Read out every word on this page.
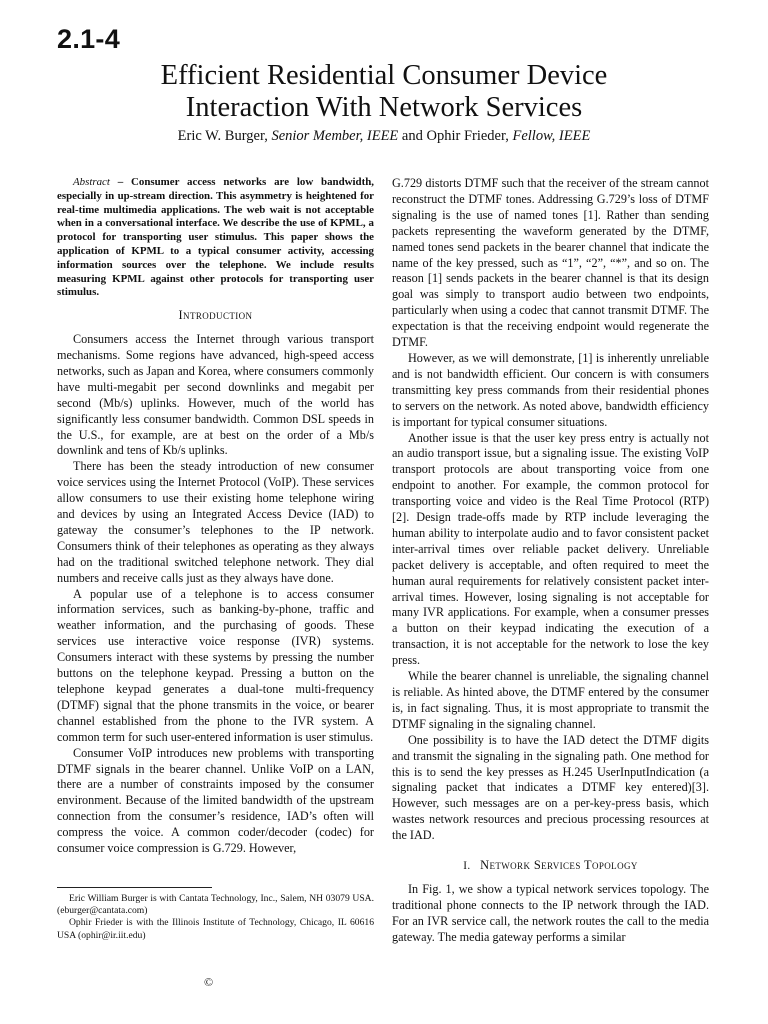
2.1-4
Efficient Residential Consumer Device
Interaction With Network Services
Eric W. Burger, Senior Member, IEEE and Ophir Frieder, Fellow, IEEE

Abstract – Consumer access networks are low bandwidth, especially in up-stream direction. This asymmetry is heightened for real-time multimedia applications. The web wait is not acceptable when in a conversational interface. We describe the use of KPML, a protocol for transporting user stimulus. This paper shows the application of KPML to a typical consumer activity, accessing information sources over the telephone. We include results measuring KPML against other protocols for transporting user stimulus.

Introduction

Consumers access the Internet through various transport mechanisms. Some regions have advanced, high-speed access networks, such as Japan and Korea, where consumers commonly have multi-megabit per second downlinks and megabit per second (Mb/s) uplinks. However, much of the world has significantly less consumer bandwidth. Common DSL speeds in the U.S., for example, are at best on the order of a Mb/s downlink and tens of Kb/s uplinks.

There has been the steady introduction of new consumer voice services using the Internet Protocol (VoIP). These services allow consumers to use their existing home telephone wiring and devices by using an Integrated Access Device (IAD) to gateway the consumer’s telephones to the IP network. Consumers think of their telephones as operating as they always had on the traditional switched telephone network. They dial numbers and receive calls just as they always have done.

A popular use of a telephone is to access consumer information services, such as banking-by-phone, traffic and weather information, and the purchasing of goods. These services use interactive voice response (IVR) systems. Consumers interact with these systems by pressing the number buttons on the telephone keypad. Pressing a button on the telephone keypad generates a dual-tone multi-frequency (DTMF) signal that the phone transmits in the voice, or bearer channel established from the phone to the IVR system. A common term for such user-entered information is user stimulus.

Consumer VoIP introduces new problems with transporting DTMF signals in the bearer channel. Unlike VoIP on a LAN, there are a number of constraints imposed by the consumer environment. Because of the limited bandwidth of the upstream connection from the consumer’s residence, IAD’s often will compress the voice. A common coder/decoder (codec) for consumer voice compression is G.729. However,

G.729 distorts DTMF such that the receiver of the stream cannot reconstruct the DTMF tones. Addressing G.729’s loss of DTMF signaling is the use of named tones [1]. Rather than sending packets representing the waveform generated by the DTMF, named tones send packets in the bearer channel that indicate the name of the key pressed, such as “1”, “2”, “*”, and so on. The reason [1] sends packets in the bearer channel is that its design goal was simply to transport audio between two endpoints, particularly when using a codec that cannot transmit DTMF. The expectation is that the receiving endpoint would regenerate the DTMF.

However, as we will demonstrate, [1] is inherently unreliable and is not bandwidth efficient. Our concern is with consumers transmitting key press commands from their residential phones to servers on the network. As noted above, bandwidth efficiency is important for typical consumer situations.

Another issue is that the user key press entry is actually not an audio transport issue, but a signaling issue. The existing VoIP transport protocols are about transporting voice from one endpoint to another. For example, the common protocol for transporting voice and video is the Real Time Protocol (RTP) [2]. Design trade-offs made by RTP include leveraging the human ability to interpolate audio and to favor consistent packet inter-arrival times over reliable packet delivery. Unreliable packet delivery is acceptable, and often required to meet the human aural requirements for relatively consistent packet inter-arrival times. However, losing signaling is not acceptable for many IVR applications. For example, when a consumer presses a button on their keypad indicating the execution of a transaction, it is not acceptable for the network to lose the key press.

While the bearer channel is unreliable, the signaling channel is reliable. As hinted above, the DTMF entered by the consumer is, in fact signaling. Thus, it is most appropriate to transmit the DTMF signaling in the signaling channel.

One possibility is to have the IAD detect the DTMF digits and transmit the signaling in the signaling path. One method for this is to send the key presses as H.245 UserInputIndication (a signaling packet that indicates a DTMF key entered)[3]. However, such messages are on a per-key-press basis, which wastes network resources and precious processing resources at the IAD.

I. Network Services Topology

In Fig. 1, we show a typical network services topology. The traditional phone connects to the IP network through the IAD. For an IVR service call, the network routes the call to the media gateway. The media gateway performs a similar

Eric William Burger is with Cantata Technology, Inc., Salem, NH 03079 USA. (eburger@cantata.com)

Ophir Frieder is with the Illinois Institute of Technology, Chicago, IL 60616 USA (ophir@ir.iit.edu)

©
